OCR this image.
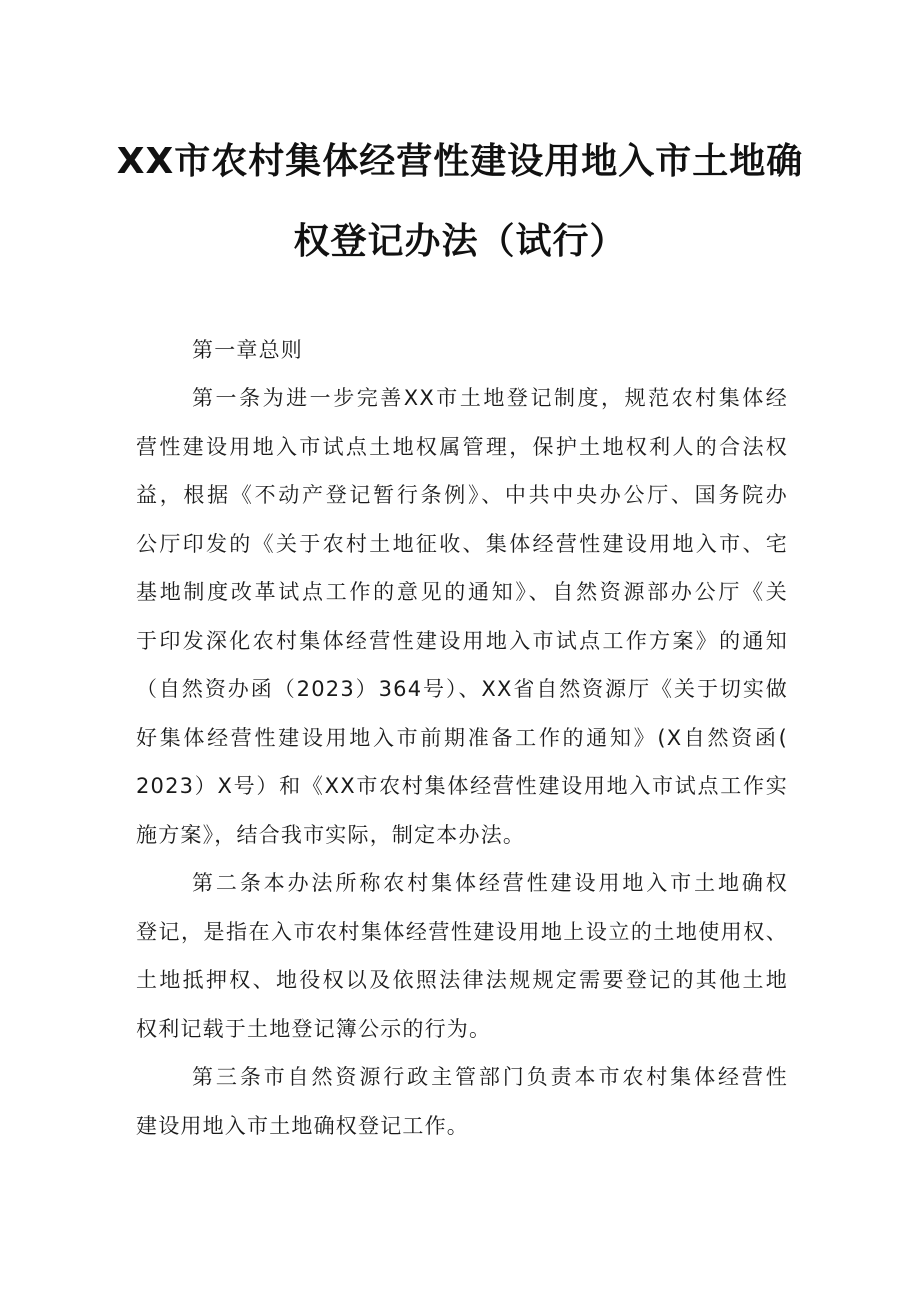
XX市农村集体经营性建设用地入市土地确
权登记办法（试行）
第一章总则
第一条为进一步完善XX市土地登记制度，规范农村集体经
营性建设用地入市试点土地权属管理，保护土地权利人的合法权
益，根据《不动产登记暂行条例》、中共中央办公厅、国务院办
公厅印发的《关于农村土地征收、集体经营性建设用地入市、宅
基地制度改革试点工作的意见的通知》、自然资源部办公厅《关
于印发深化农村集体经营性建设用地入市试点工作方案》的通知
（自然资办函（2023）364号）、XX省自然资源厅《关于切实做
好集体经营性建设用地入市前期准备工作的通知》(X自然资函(
2023）X号）和《XX市农村集体经营性建设用地入市试点工作实
施方案》，结合我市实际，制定本办法。
第二条本办法所称农村集体经营性建设用地入市土地确权
登记，是指在入市农村集体经营性建设用地上设立的土地使用权、
土地抵押权、地役权以及依照法律法规规定需要登记的其他土地
权利记载于土地登记簿公示的行为。
第三条市自然资源行政主管部门负责本市农村集体经营性
建设用地入市土地确权登记工作。
